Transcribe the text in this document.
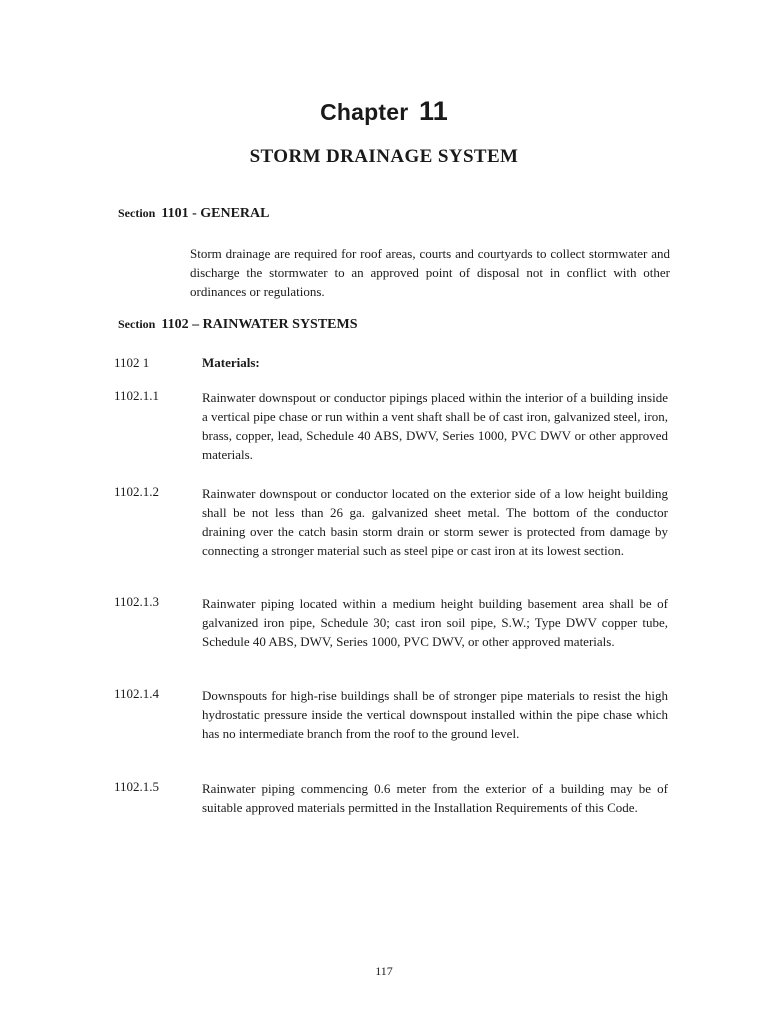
Chapter 11
STORM DRAINAGE SYSTEM
Section 1101 - GENERAL
Storm drainage are required for roof areas, courts and courtyards to collect stormwater and discharge the stormwater to an approved point of disposal not in conflict with other ordinances or regulations.
Section 1102 – RAINWATER SYSTEMS
1102 1	Materials:
1102.1.1	Rainwater downspout or conductor pipings placed within the interior of a building inside a vertical pipe chase or run within a vent shaft shall be of cast iron, galvanized steel, iron, brass, copper, lead, Schedule 40 ABS, DWV, Series 1000, PVC DWV or other approved materials.
1102.1.2	Rainwater downspout or conductor located on the exterior side of a low height building shall be not less than 26 ga. galvanized sheet metal. The bottom of the conductor draining over the catch basin storm drain or storm sewer is protected from damage by connecting a stronger material such as steel pipe or cast iron at its lowest section.
1102.1.3	Rainwater piping located within a medium height building basement area shall be of galvanized iron pipe, Schedule 30; cast iron soil pipe, S.W.; Type DWV copper tube, Schedule 40 ABS, DWV, Series 1000, PVC DWV, or other approved materials.
1102.1.4	Downspouts for high-rise buildings shall be of stronger pipe materials to resist the high hydrostatic pressure inside the vertical downspout installed within the pipe chase which has no intermediate branch from the roof to the ground level.
1102.1.5	Rainwater piping commencing 0.6 meter from the exterior of a building may be of suitable approved materials permitted in the Installation Requirements of this Code.
117
